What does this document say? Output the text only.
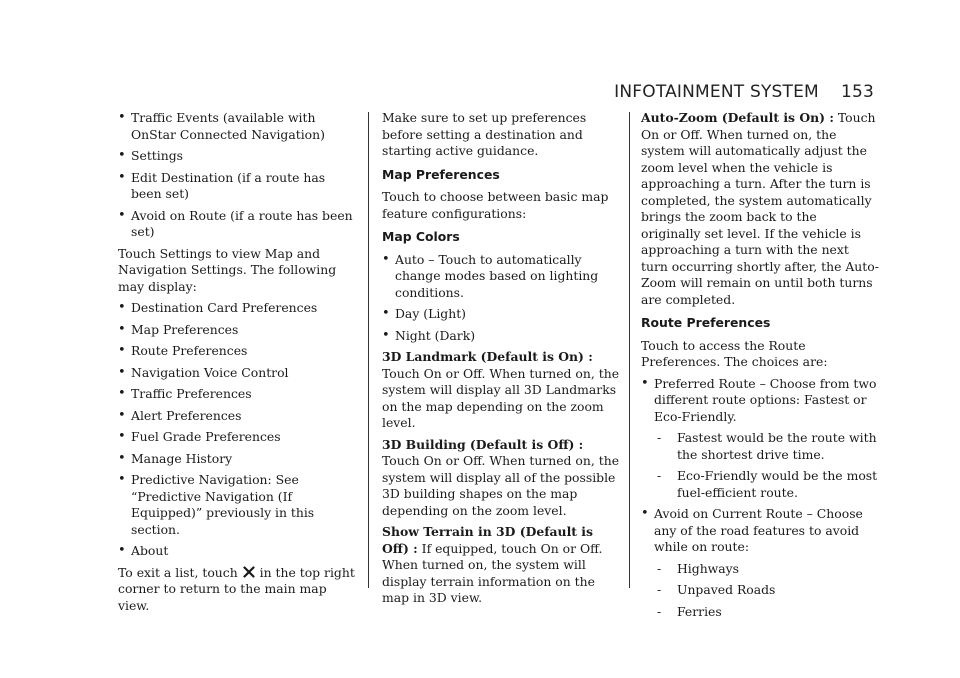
INFOTAINMENT SYSTEM 153
• Traffic Events (available with OnStar Connected Navigation)
• Settings
• Edit Destination (if a route has been set)
• Avoid on Route (if a route has been set)

Touch Settings to view Map and Navigation Settings. The following may display:

• Destination Card Preferences
• Map Preferences
• Route Preferences
• Navigation Voice Control
• Traffic Preferences
• Alert Preferences
• Fuel Grade Preferences
• Manage History
• Predictive Navigation: See “Predictive Navigation (If Equipped)” previously in this section.
• About

To exit a list, touch in the top right corner to return to the main map view.

Make sure to set up preferences before setting a destination and starting active guidance.

Map Preferences

Touch to choose between basic map feature configurations:

Map Colors
• Auto – Touch to automatically change modes based on lighting conditions.
• Day (Light)
• Night (Dark)

3D Landmark (Default is On) : Touch On or Off. When turned on, the system will display all 3D Landmarks on the map depending on the zoom level.

3D Building (Default is Off) : Touch On or Off. When turned on, the system will display all of the possible 3D building shapes on the map depending on the zoom level.

Show Terrain in 3D (Default is Off) : If equipped, touch On or Off. When turned on, the system will display terrain information on the map in 3D view.

Auto-Zoom (Default is On) : Touch On or Off. When turned on, the system will automatically adjust the zoom level when the vehicle is approaching a turn. After the turn is completed, the system automatically brings the zoom back to the originally set level. If the vehicle is approaching a turn with the next turn occurring shortly after, the Auto-Zoom will remain on until both turns are completed.

Route Preferences

Touch to access the Route Preferences. The choices are:

• Preferred Route – Choose from two different route options: Fastest or Eco-Friendly.
- Fastest would be the route with the shortest drive time.
- Eco-Friendly would be the most fuel-efficient route.
• Avoid on Current Route – Choose any of the road features to avoid while on route:
- Highways
- Unpaved Roads
- Ferries
